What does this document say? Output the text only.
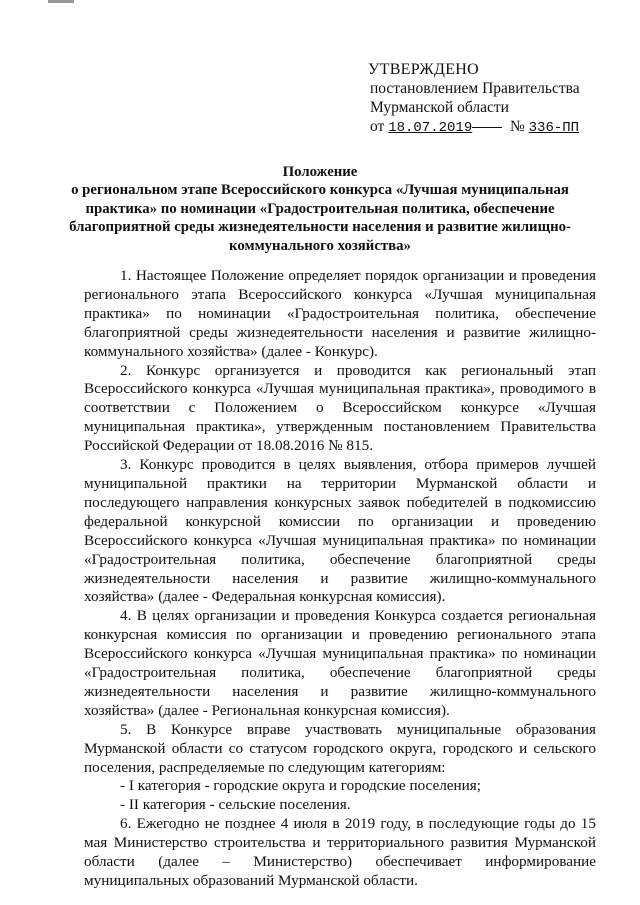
УТВЕРЖДЕНО
постановлением Правительства
Мурманской области
от 18.07.2019 № 336-ПП
Положение
о региональном этапе Всероссийского конкурса «Лучшая муниципальная практика» по номинации «Градостроительная политика, обеспечение благоприятной среды жизнедеятельности населения и развитие жилищно-коммунального хозяйства»

1. Настоящее Положение определяет порядок организации и проведения регионального этапа Всероссийского конкурса «Лучшая муниципальная практика» по номинации «Градостроительная политика, обеспечение благоприятной среды жизнедеятельности населения и развитие жилищно-коммунального хозяйства» (далее - Конкурс).

2. Конкурс организуется и проводится как региональный этап Всероссийского конкурса «Лучшая муниципальная практика», проводимого в соответствии с Положением о Всероссийском конкурсе «Лучшая муниципальная практика», утвержденным постановлением Правительства Российской Федерации от 18.08.2016 № 815.

3. Конкурс проводится в целях выявления, отбора примеров лучшей муниципальной практики на территории Мурманской области и последующего направления конкурсных заявок победителей в подкомиссию федеральной конкурсной комиссии по организации и проведению Всероссийского конкурса «Лучшая муниципальная практика» по номинации «Градостроительная политика, обеспечение благоприятной среды жизнедеятельности населения и развитие жилищно-коммунального хозяйства» (далее - Федеральная конкурсная комиссия).

4. В целях организации и проведения Конкурса создается региональная конкурсная комиссия по организации и проведению регионального этапа Всероссийского конкурса «Лучшая муниципальная практика» по номинации «Градостроительная политика, обеспечение благоприятной среды жизнедеятельности населения и развитие жилищно-коммунального хозяйства» (далее - Региональная конкурсная комиссия).

5. В Конкурсе вправе участвовать муниципальные образования Мурманской области со статусом городского округа, городского и сельского поселения, распределяемые по следующим категориям:

- I категория - городские округа и городские поселения;

- II категория - сельские поселения.

6. Ежегодно не позднее 4 июля в 2019 году, в последующие годы до 15 мая Министерство строительства и территориального развития Мурманской области (далее – Министерство) обеспечивает информирование муниципальных образований Мурманской области.
